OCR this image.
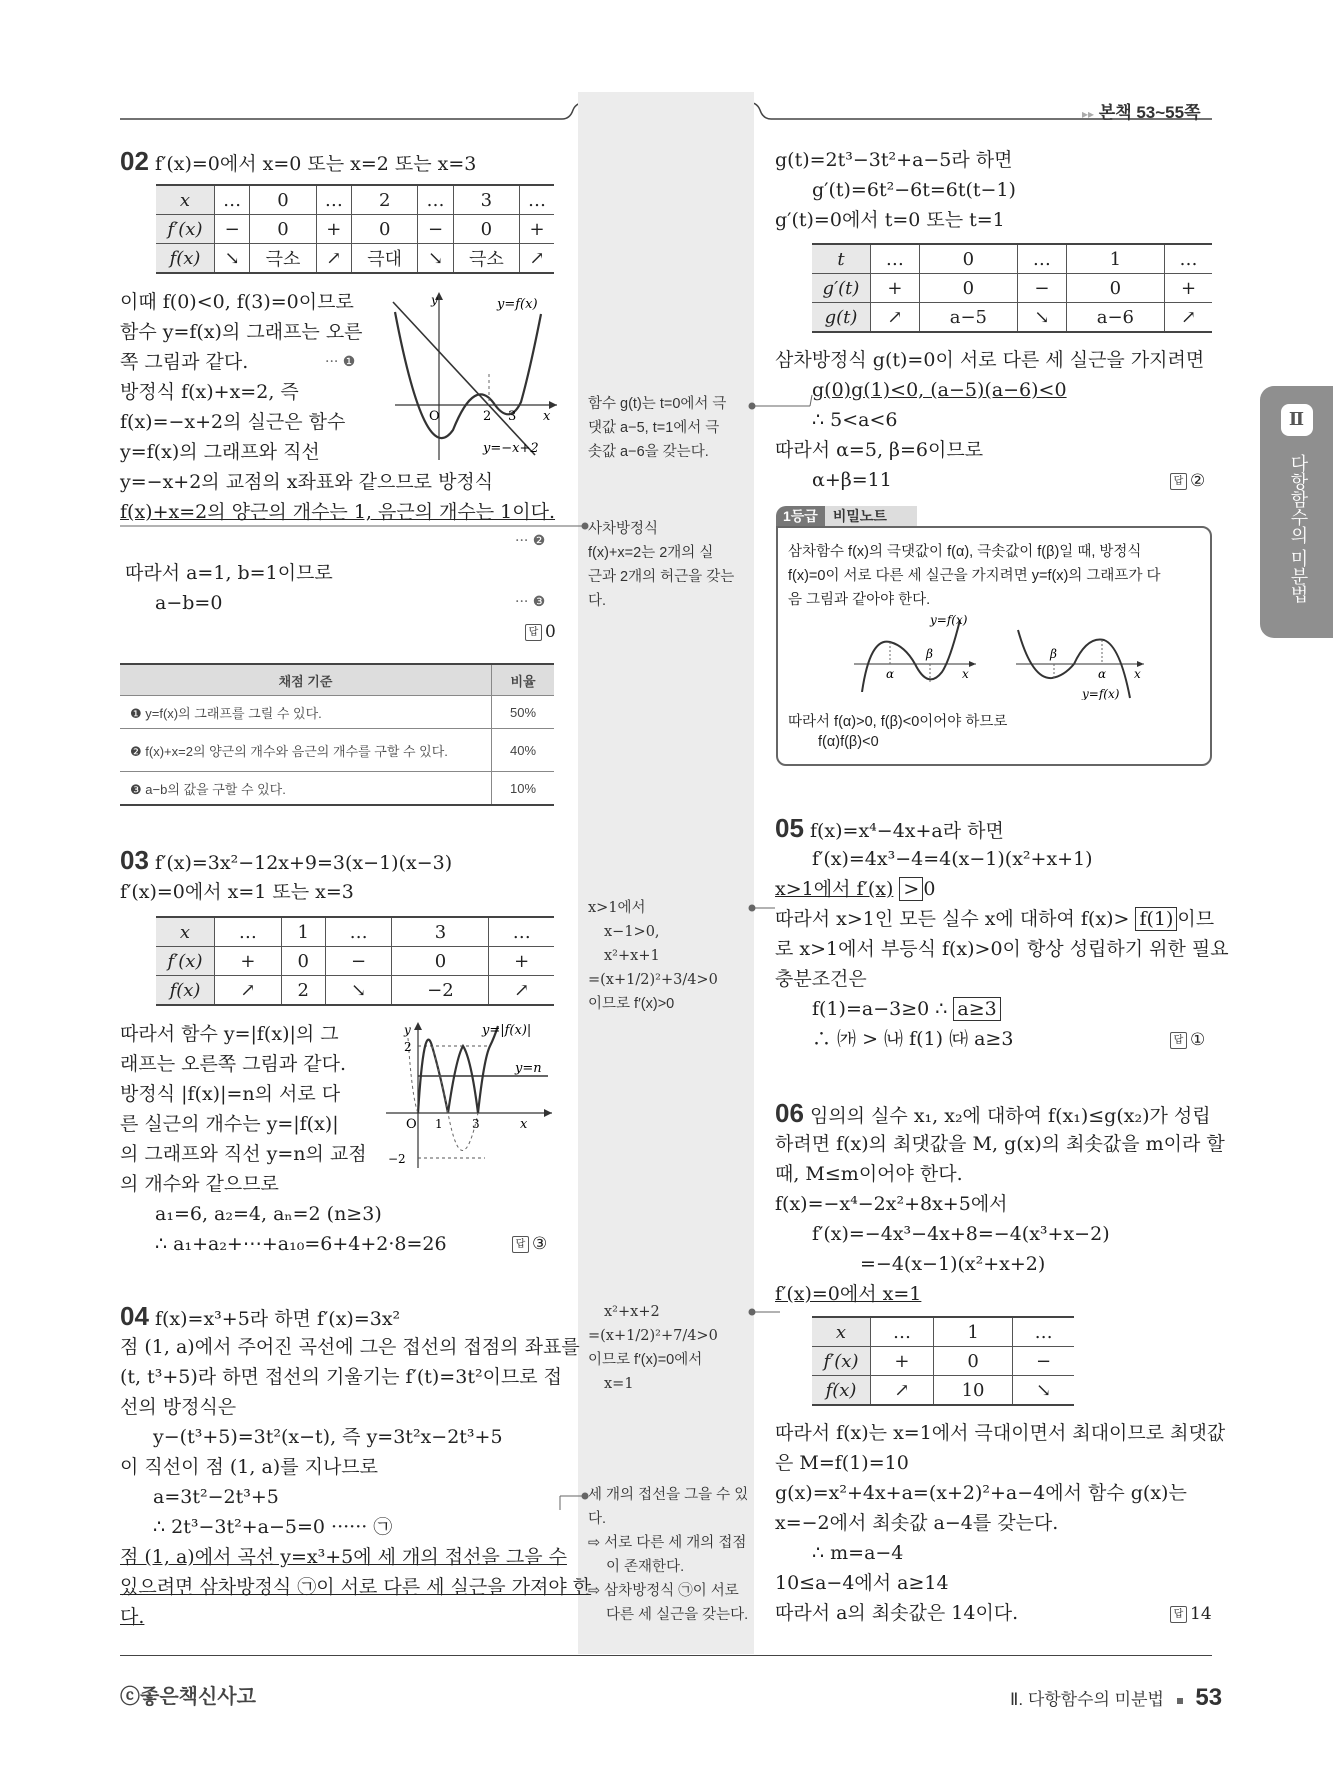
▸▸ 본책 53~55쪽
Ⅱ
다항함수의 미분법
02 f′(x)=0에서 x=0 또는 x=2 또는 x=3
x	…	0	…	2	…	3	…
f′(x)	−	0	+	0	−	0	+
f(x)	↘	극소	↗	극대	↘	극소	↗
이때 f(0)<0, f(3)=0이므로
함수 y=f(x)의 그래프는 오른
쪽 그림과 같다.	··· ❶
방정식 f(x)+x=2, 즉
f(x)=−x+2의 실근은 함수
y=f(x)의 그래프와 직선
y=−x+2의 교점의 x좌표와 같으므로 방정식
f(x)+x=2의 양근의 개수는 1, 음근의 개수는 1이다.
··· ❷
따라서 a=1, b=1이므로
a−b=0	··· ❸
답 0
y	y=f(x)
O	2 3 x
y=−x+2
채점 기준	비율
❶ y=f(x)의 그래프를 그릴 수 있다.	50%
❷ f(x)+x=2의 양근의 개수와 음근의 개수를 구할 수 있다.	40%
❸ a−b의 값을 구할 수 있다.	10%
03 f′(x)=3x²−12x+9=3(x−1)(x−3)
f′(x)=0에서 x=1 또는 x=3
x	…	1	…	3	…
f′(x)	+	0	−	0	+
f(x)	↗	2	↘	−2	↗
따라서 함수 y=|f(x)|의 그
래프는 오른쪽 그림과 같다.
방정식 |f(x)|=n의 서로 다
른 실근의 개수는 y=|f(x)|
의 그래프와 직선 y=n의 교점
의 개수와 같으므로
a₁=6, a₂=4, aₙ=2 (n≥3)
∴ a₁+a₂+⋯+a₁₀=6+4+2·8=26	답 ③
y	y=|f(x)|
y=n
2
O 1 3	x
−2
04 f(x)=x³+5라 하면 f′(x)=3x²
점 (1, a)에서 주어진 곡선에 그은 접선의 접점의 좌표를
(t, t³+5)라 하면 접선의 기울기는 f′(t)=3t²이므로 접
선의 방정식은
y−(t³+5)=3t²(x−t), 즉 y=3t²x−2t³+5
이 직선이 점 (1, a)를 지나므로
a=3t²−2t³+5
∴ 2t³−3t²+a−5=0 ······ ㉠
점 (1, a)에서 곡선 y=x³+5에 세 개의 접선을 그을 수
있으려면 삼차방정식 ㉠이 서로 다른 세 실근을 가져야 한
다.
g(t)=2t³−3t²+a−5라 하면
g′(t)=6t²−6t=6t(t−1)
g′(t)=0에서 t=0 또는 t=1
t	…	0	…	1	…
g′(t)	+	0	−	0	+
g(t)	↗	a−5	↘	a−6	↗
삼차방정식 g(t)=0이 서로 다른 세 실근을 가지려면
g(0)g(1)<0, (a−5)(a−6)<0
∴ 5<a<6
따라서 α=5, β=6이므로
α+β=11	답 ②
1등급 비밀노트
삼차함수 f(x)의 극댓값이 f(α), 극솟값이 f(β)일 때, 방정식
f(x)=0이 서로 다른 세 실근을 가지려면 y=f(x)의 그래프가 다
음 그림과 같아야 한다.
y=f(x)
α
β
x
β
α x
y=f(x)
따라서 f(α)>0, f(β)<0이어야 하므로
f(α)f(β)<0
05 f(x)=x⁴−4x+a라 하면
f′(x)=4x³−4=4(x−1)(x²+x+1)
x>1에서 f′(x) > 0
따라서 x>1인 모든 실수 x에 대하여 f(x)> f(1) 이므
로 x>1에서 부등식 f(x)>0이 항상 성립하기 위한 필요
충분조건은
f(1)=a−3≥0 ∴ a≥3
∴ ㈎ > ㈏ f(1) ㈐ a≥3	답 ①
06 임의의 실수 x₁, x₂에 대하여 f(x₁)≤g(x₂)가 성립
하려면 f(x)의 최댓값을 M, g(x)의 최솟값을 m이라 할
때, M≤m이어야 한다.
f(x)=−x⁴−2x²+8x+5에서
f′(x)=−4x³−4x+8=−4(x³+x−2)
=−4(x−1)(x²+x+2)
f′(x)=0에서 x=1
x	…	1	…
f′(x)	+	0	−
f(x)	↗	10	↘
따라서 f(x)는 x=1에서 극대이면서 최대이므로 최댓값
은 M=f(1)=10
g(x)=x²+4x+a=(x+2)²+a−4에서 함수 g(x)는
x=−2에서 최솟값 a−4를 갖는다.
∴ m=a−4
10≤a−4에서 a≥14
따라서 a의 최솟값은 14이다.	답 14
함수 g(t)는 t=0에서 극
댓값 a−5, t=1에서 극
솟값 a−6을 갖는다.
사차방정식
f(x)+x=2는 2개의 실
근과 2개의 허근을 갖는
다.
x>1에서
x−1>0,
x²+x+1
=(x+1/2)²+3/4>0
이므로 f′(x)>0
x²+x+2
=(x+1/2)²+7/4>0
이므로 f′(x)=0에서
x=1
세 개의 접선을 그을 수 있
다.
⇨ 서로 다른 세 개의 접점
이 존재한다.
⇨ 삼차방정식 ㉠이 서로
다른 세 실근을 갖는다.
ⓒ좋은책신사고	Ⅱ. 다항함수의 미분법 53
